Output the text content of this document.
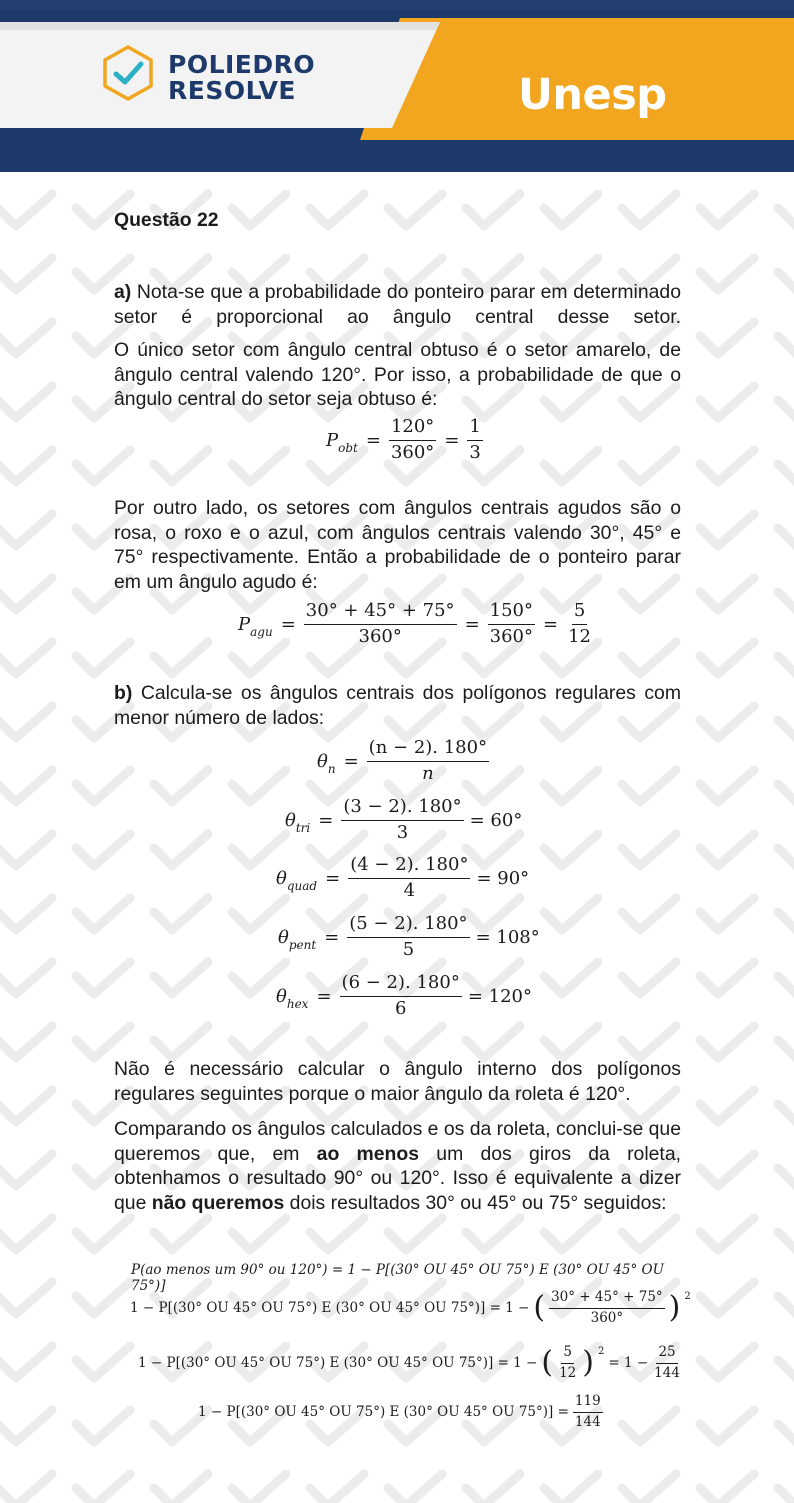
POLIEDRO
RESOLVE	Unesp
Questão 22
a) Nota-se que a probabilidade do ponteiro parar em determinado setor é proporcional ao ângulo central desse setor.
O único setor com ângulo central obtuso é o setor amarelo, de ângulo central valendo 120°. Por isso, a probabilidade de que o ângulo central do setor seja obtuso é:
$P_{obt} = \frac{120^\circ}{360^\circ} = \frac{1}{3}$
Por outro lado, os setores com ângulos centrais agudos são o rosa, o roxo e o azul, com ângulos centrais valendo 30°, 45° e 75° respectivamente. Então a probabilidade de o ponteiro parar em um ângulo agudo é:
$P_{agu} = \frac{30^\circ + 45^\circ + 75^\circ}{360^\circ} = \frac{150^\circ}{360^\circ} = \frac{5}{12}$
b) Calcula-se os ângulos centrais dos polígonos regulares com menor número de lados:
$\theta_n = \frac{(n - 2). 180^\circ}{n}$
$\theta_{tri} = \frac{(3 - 2). 180^\circ}{3} = 60^\circ$
$\theta_{quad} = \frac{(4 - 2). 180^\circ}{4} = 90^\circ$
$\theta_{pent} = \frac{(5 - 2). 180^\circ}{5} = 108^\circ$
$\theta_{hex} = \frac{(6 - 2). 180^\circ}{6} = 120^\circ$
Não é necessário calcular o ângulo interno dos polígonos regulares seguintes porque o maior ângulo da roleta é 120°.
Comparando os ângulos calculados e os da roleta, conclui-se que queremos que, em ao menos um dos giros da roleta, obtenhamos o resultado 90° ou 120°. Isso é equivalente a dizer que não queremos dois resultados 30° ou 45° ou 75° seguidos:
P(ao menos um 90° ou 120°) = 1 − P[(30° OU 45° OU 75°) E (30° OU 45° OU 75°)]
1 − P[(30° OU 45° OU 75°) E (30° OU 45° OU 75°)] = 1 − ( $\frac{30^\circ + 45^\circ + 75^\circ}{360^\circ}$ ) 2
1 − P[(30° OU 45° OU 75°) E (30° OU 45° OU 75°)] = 1 − ( $\frac{5}{12}$ ) 2
= $1 - \frac{25}{144}$
1 − P[(30° OU 45° OU 75°) E (30° OU 45° OU $75^\circ)] = \frac{119}{144}$
